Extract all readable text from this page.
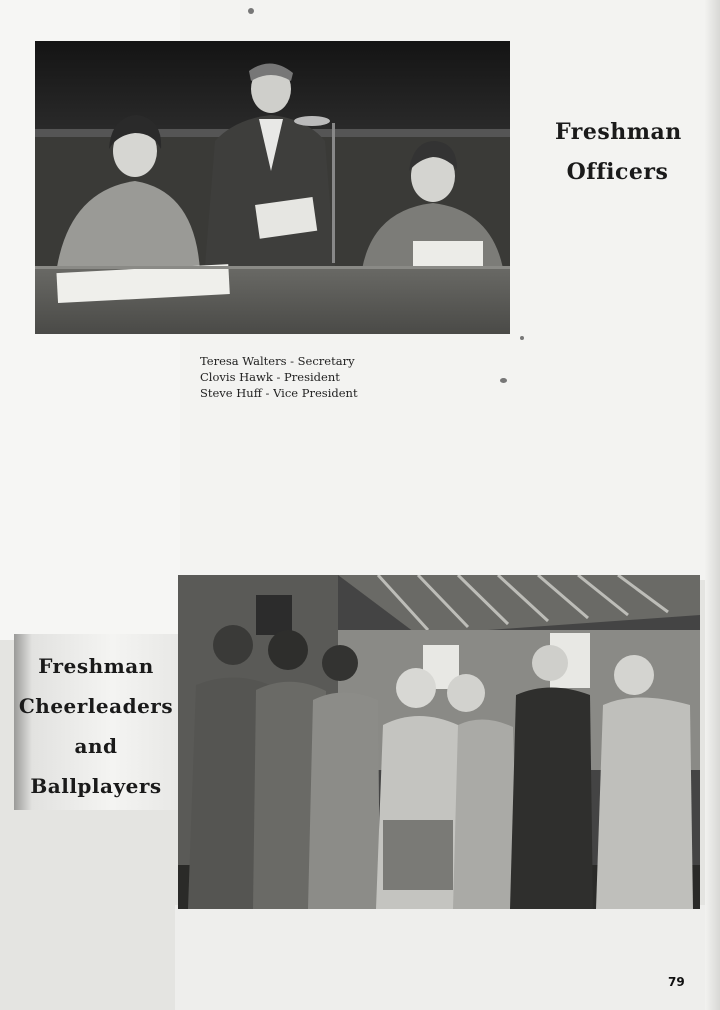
Freshman
Officers
Teresa Walters - Secretary
Clovis Hawk - President
Steve Huff - Vice President
Freshman
Cheerleaders
and
Ballplayers
79
